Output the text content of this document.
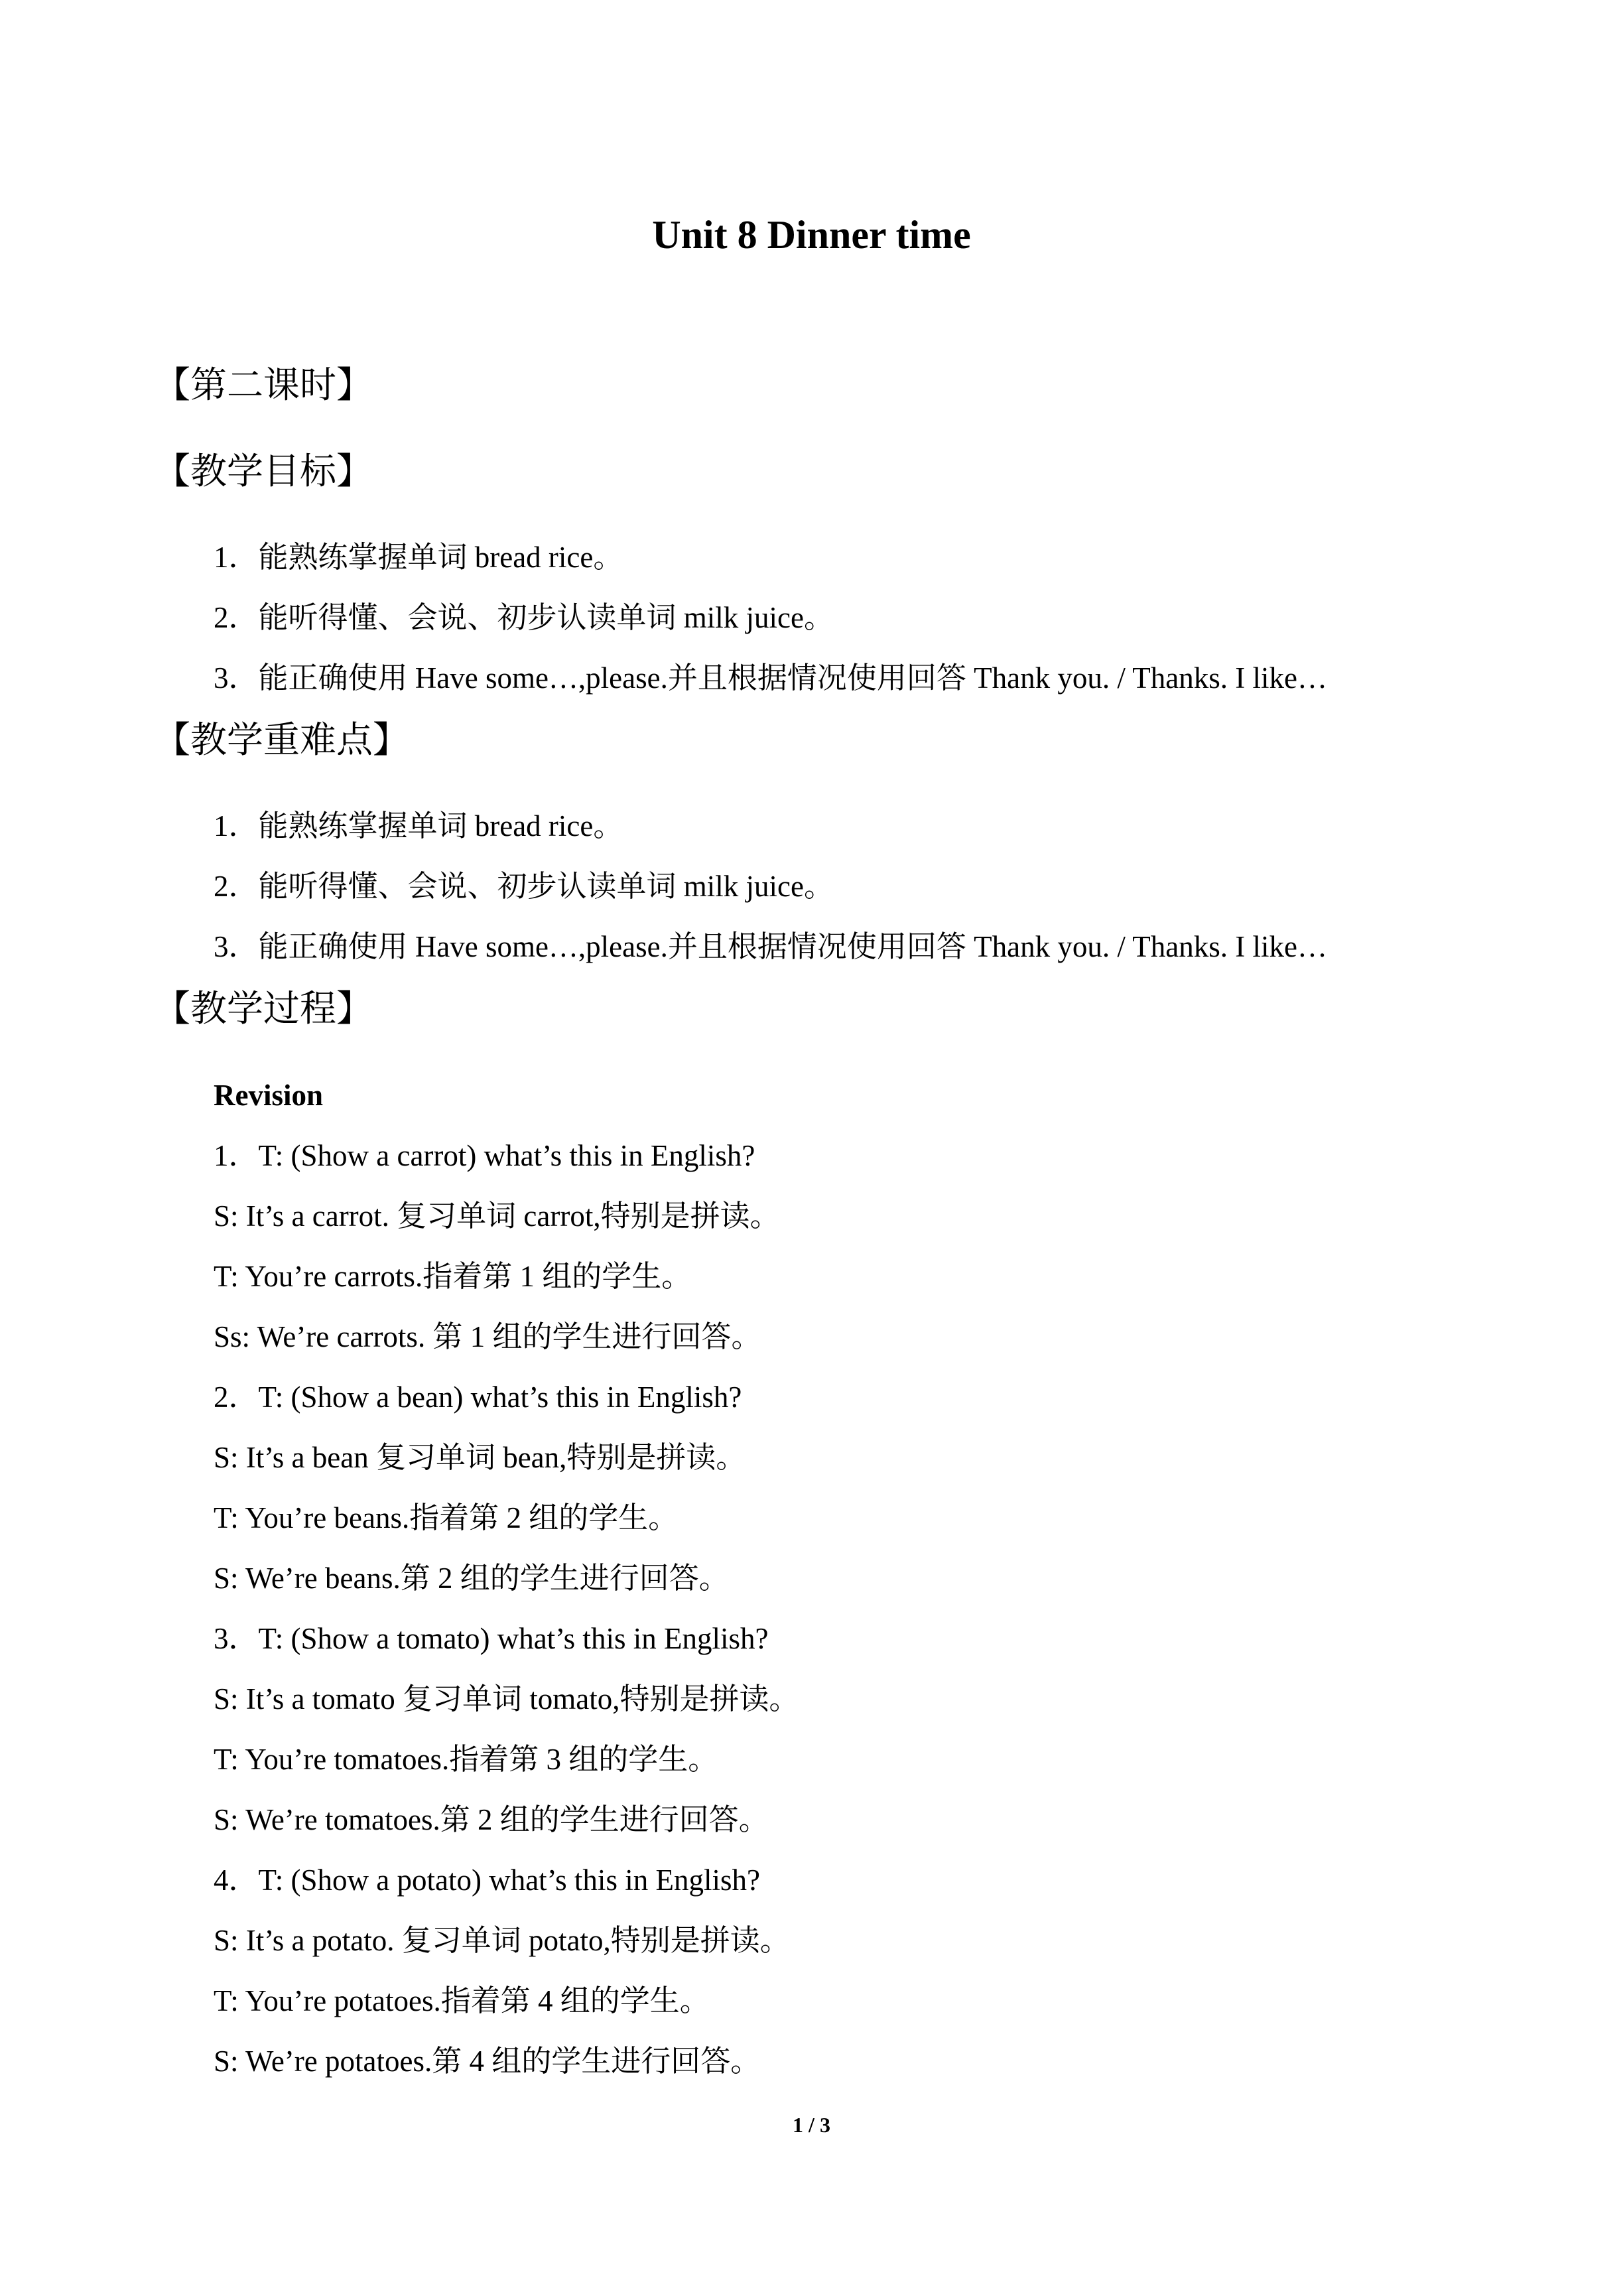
Unit 8 Dinner time
【第二课时】
【教学目标】
1．能熟练掌握单词 bread rice。
2．能听得懂、会说、初步认读单词 milk juice。
3．能正确使用 Have some…,please.并且根据情况使用回答 Thank you. / Thanks. I like…
【教学重难点】
1．能熟练掌握单词 bread rice。
2．能听得懂、会说、初步认读单词 milk juice。
3．能正确使用 Have some…,please.并且根据情况使用回答 Thank you. / Thanks. I like…
【教学过程】
Revision
1．T: (Show a carrot) what’s this in English?
S: It’s a carrot. 复习单词 carrot,特别是拼读。
T: You’re carrots.指着第 1 组的学生。
Ss: We’re carrots. 第 1 组的学生进行回答。
2．T: (Show a bean) what’s this in English?
S: It’s a bean 复习单词 bean,特别是拼读。
T: You’re beans.指着第 2 组的学生。
S: We’re beans.第 2 组的学生进行回答。
3．T: (Show a tomato) what’s this in English?
S: It’s a tomato 复习单词 tomato,特别是拼读。
T: You’re tomatoes.指着第 3 组的学生。
S: We’re tomatoes.第 2 组的学生进行回答。
4．T: (Show a potato) what’s this in English?
S: It’s a potato. 复习单词 potato,特别是拼读。
T: You’re potatoes.指着第 4 组的学生。
S: We’re potatoes.第 4 组的学生进行回答。
1 / 3
